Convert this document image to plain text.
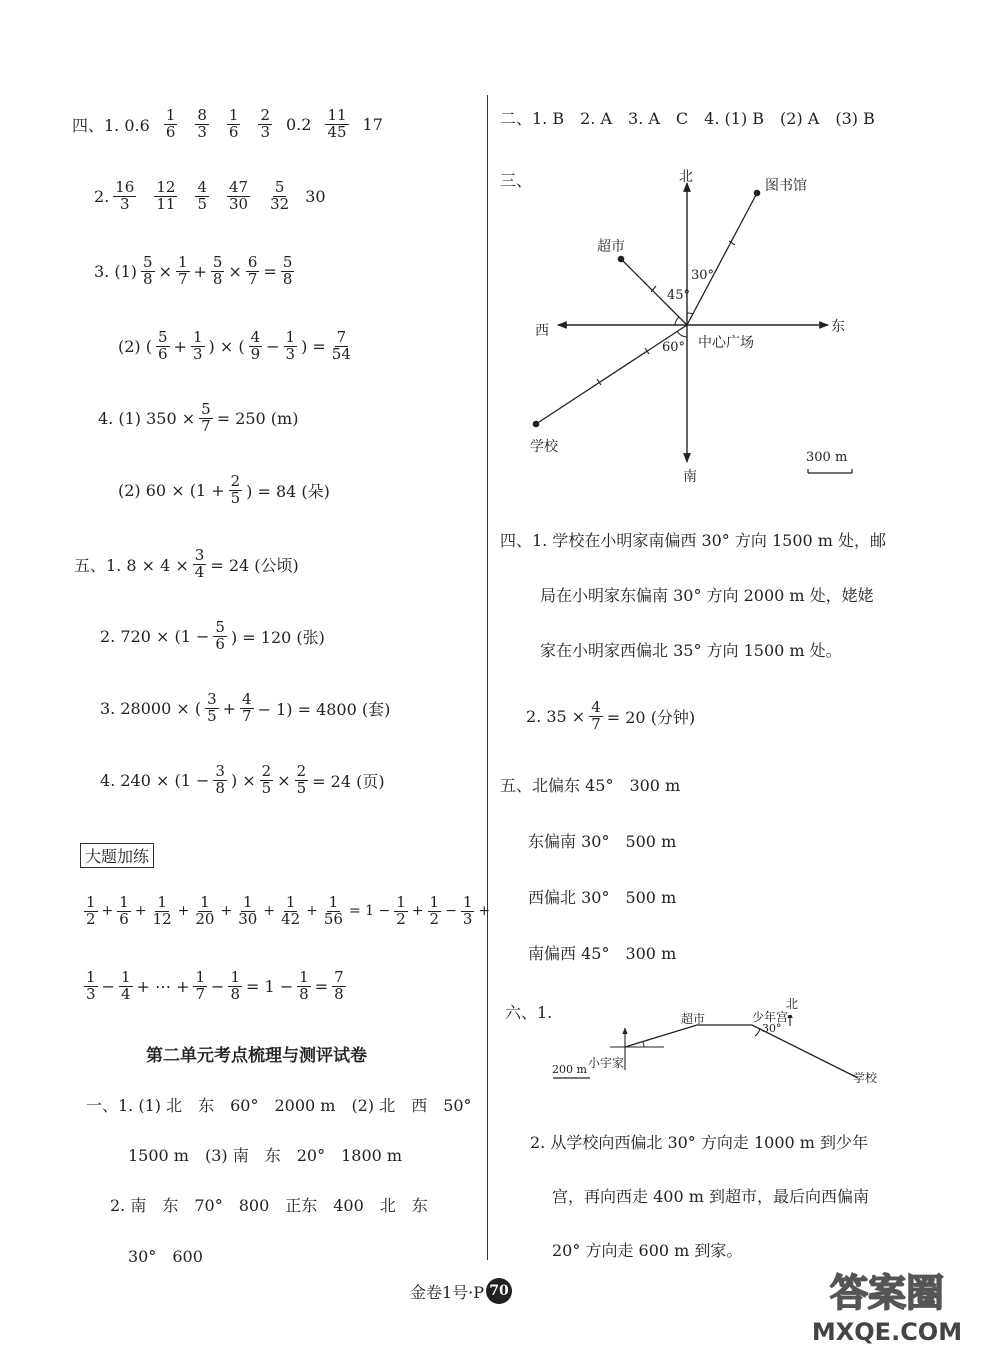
四、1. $0.6 \frac{1}{6} \frac{8}{3} \frac{1}{6} \frac{2}{3} 0.2 \frac{11}{45} 17$
2. $\frac{16}{3} \frac{12}{11} \frac{4}{5} \frac{47}{30} \frac{5}{32} 30$
3. $(1) \frac{5}{8} \times \frac{1}{7} + \frac{5}{8} \times \frac{6}{7} = \frac{5}{8}$
(2) ( $\frac{5}{6} + \frac{1}{3}$ ) × ( $\frac{4}{9} - \frac{1}{3}$ ) = $\frac{7}{54}$
4. (1) $350 \times \frac{5}{7} = 250$ (m)
(2) $60 \times (1 + \frac{2}{5}$ ) = 84 (朵)
五、1. $8 \times 4 \times \frac{3}{4} = 24$ (公顷)
2. $720 \times (1 - \frac{5}{6}$ ) = 120 (张)
3. 28000 × ( $\frac{3}{5} + \frac{4}{7} - 1) = 4800$ (套)
4. $240 \times (1 - \frac{3}{8}$ ) × $\frac{2}{5} \times \frac{2}{5} = 24$ (页)
大题加练
$\frac{1}{2} + \frac{1}{6} + \frac{1}{12} + \frac{1}{20} + \frac{1}{30} + \frac{1}{42} + \frac{1}{56} = 1 - \frac{1}{2} + \frac{1}{2} - \frac{1}{3}$ +
$\frac{1}{3} - \frac{1}{4}$ + ⋯ + $\frac{1}{7} - \frac{1}{8} = 1 - \frac{1}{8} = \frac{7}{8}$
第二单元考点梳理与测评试卷
一、1. (1) 北　东　60°　2000 m　(2) 北　西　50°
1500 m　(3) 南　东　20°　1800 m
2. 南　东　70°　800　正东　400　北　东
30°　600
二、1. B　2. A　3. A　C　4. (1) B　(2) A　(3) B
三、	北
南
东
西
图书馆
超市
学校
中心广场
30°
45°
60°
300 m
四、1. 学校在小明家南偏西 30° 方向 1500 m 处，邮
局在小明家东偏南 30° 方向 2000 m 处，姥姥
家在小明家西偏北 35° 方向 1500 m 处。
2. $35 \times \frac{4}{7} = 20$ (分钟)
五、北偏东 45°　300 m
东偏南 30°　500 m
西偏北 30°　500 m
南偏西 45°　300 m
六、1.	北
少年宫
超市
小宇家
学校
30°
200 m
2. 从学校向西偏北 30° 方向走 1000 m 到少年
宫，再向西走 400 m 到超市，最后向西偏南
20° 方向走 600 m 到家。
金卷1号·P 70	答案圈
MXQE.COM
